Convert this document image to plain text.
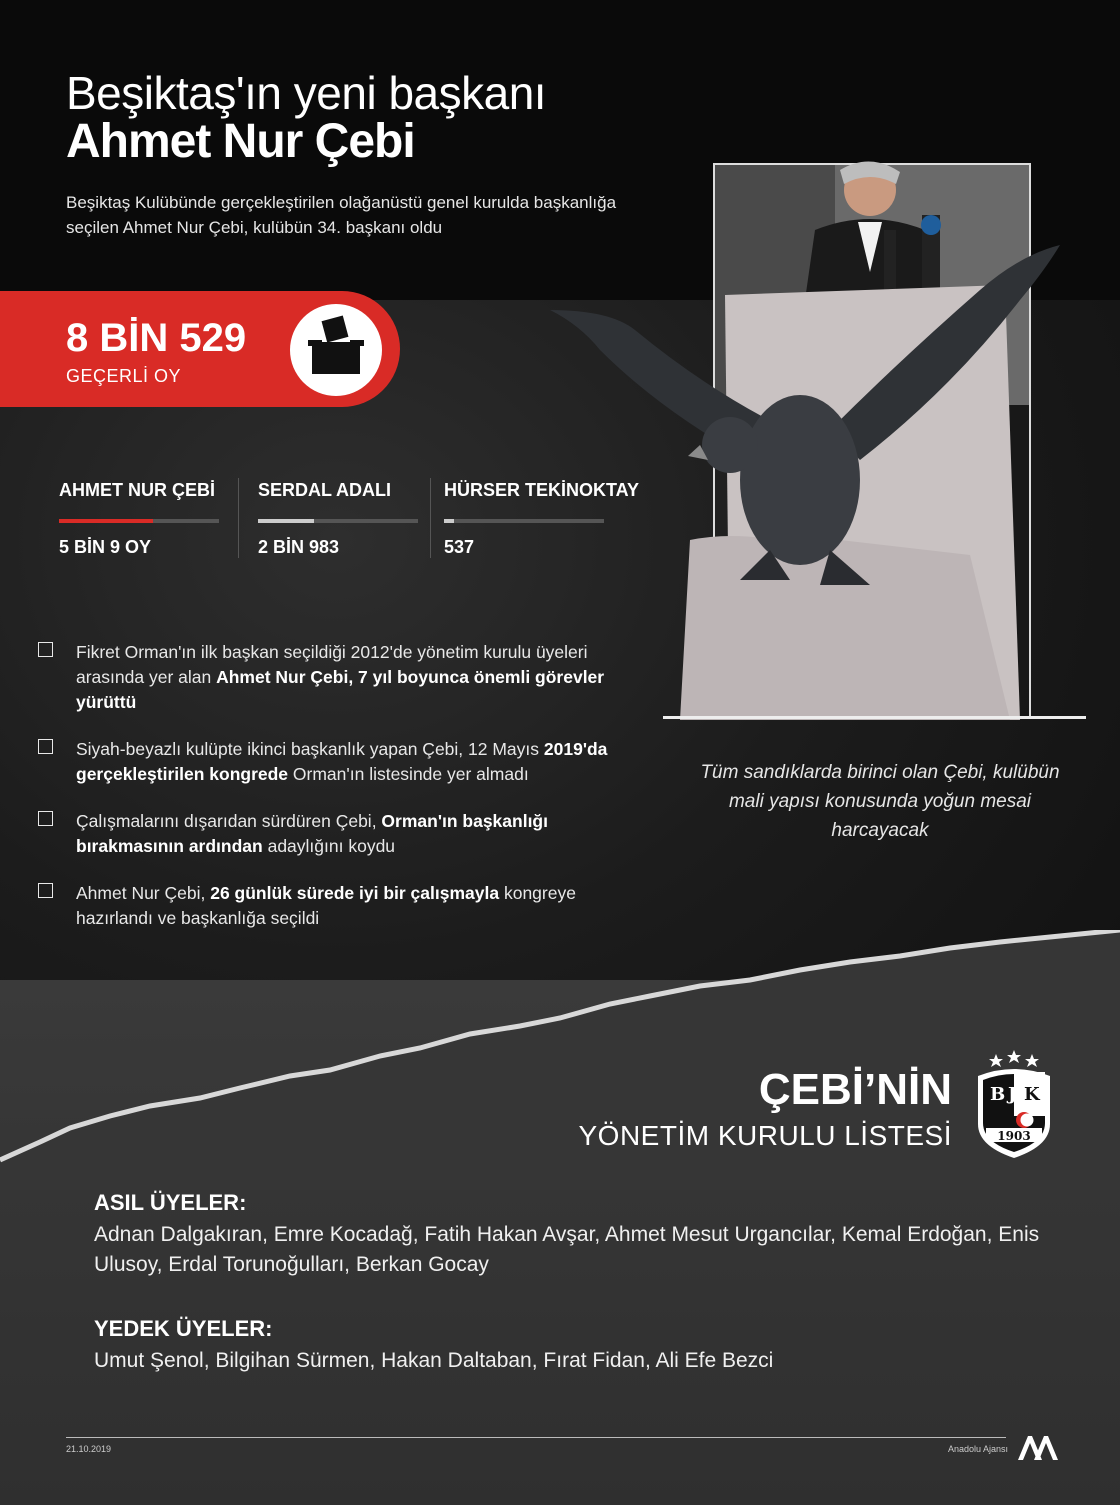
Beşiktaş'ın yeni başkanı
Ahmet Nur Çebi
Beşiktaş Kulübünde gerçekleştirilen olağanüstü genel kurulda başkanlığa seçilen Ahmet Nur Çebi, kulübün 34. başkanı oldu
8 BİN 529
GEÇERLİ OY
AHMET NUR ÇEBİ
5 BİN 9 OY
SERDAL ADALI
2 BİN 983
HÜRSER TEKİNOKTAY
537
Fikret Orman'ın ilk başkan seçildiği 2012'de yönetim kurulu üyeleri arasında yer alan Ahmet Nur Çebi, 7 yıl boyunca önemli görevler yürüttü
Siyah-beyazlı kulüpte ikinci başkanlık yapan Çebi, 12 Mayıs 2019'da gerçekleştirilen kongrede Orman'ın listesinde yer almadı
Çalışmalarını dışarıdan sürdüren Çebi, Orman'ın başkanlığı bırakmasının ardından adaylığını koydu
Ahmet Nur Çebi, 26 günlük sürede iyi bir çalışmayla kongreye hazırlandı ve başkanlığa seçildi
Tüm sandıklarda birinci olan Çebi, kulübün mali yapısı konusunda yoğun mesai harcayacak
ÇEBİ’NİN
YÖNETİM KURULU LİSTESİ
B J K
1903
ASIL ÜYELER:

Adnan Dalgakıran, Emre Kocadağ, Fatih Hakan Avşar, Ahmet Mesut Urgancılar, Kemal Erdoğan, Enis Ulusoy, Erdal Torunoğulları, Berkan Gocay

YEDEK ÜYELER:

Umut Şenol, Bilgihan Sürmen, Hakan Daltaban, Fırat Fidan, Ali Efe Bezci

21.10.2019	Anadolu Ajansı
